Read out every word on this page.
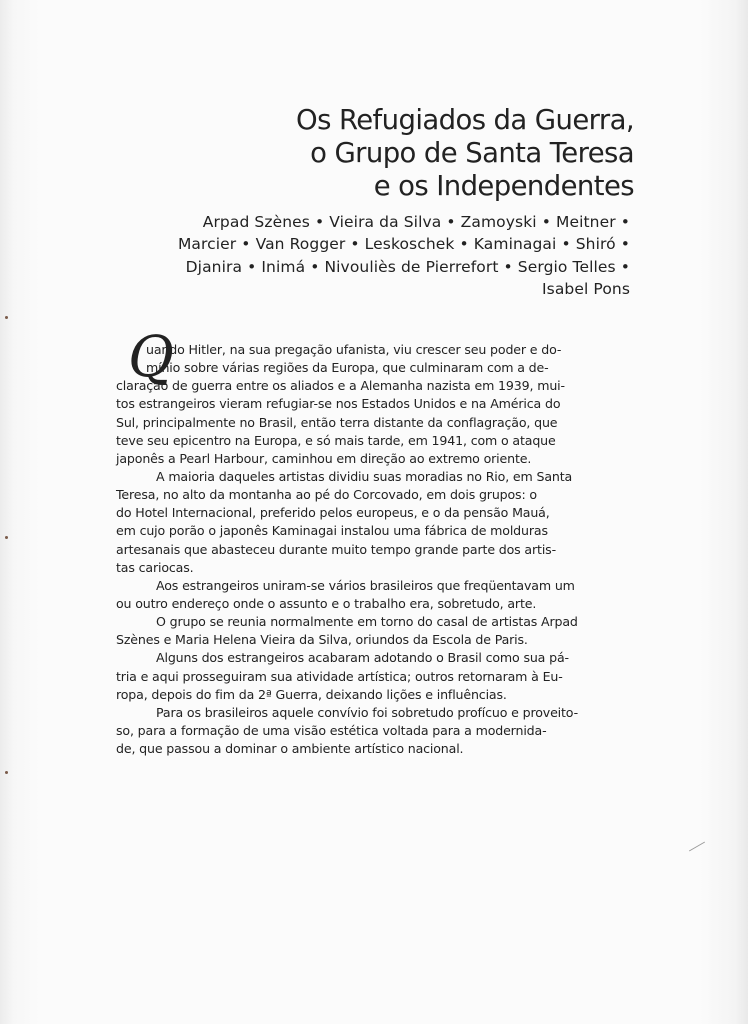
Os Refugiados da Guerra,
o Grupo de Santa Teresa
e os Independentes
Arpad Szènes • Vieira da Silva • Zamoyski • Meitner •
Marcier • Van Rogger • Leskoschek • Kaminagai • Shiró •
Djanira • Inimá • Nivouliès de Pierrefort • Sergio Telles •
Isabel Pons
Q
uando Hitler, na sua pregação ufanista, viu crescer seu poder e do-
mínio sobre várias regiões da Europa, que culminaram com a de-
claração de guerra entre os aliados e a Alemanha nazista em 1939, mui-
tos estrangeiros vieram refugiar-se nos Estados Unidos e na América do
Sul, principalmente no Brasil, então terra distante da conflagração, que
teve seu epicentro na Europa, e só mais tarde, em 1941, com o ataque
japonês a Pearl Harbour, caminhou em direção ao extremo oriente.
A maioria daqueles artistas dividiu suas moradias no Rio, em Santa
Teresa, no alto da montanha ao pé do Corcovado, em dois grupos: o
do Hotel Internacional, preferido pelos europeus, e o da pensão Mauá,
em cujo porão o japonês Kaminagai instalou uma fábrica de molduras
artesanais que abasteceu durante muito tempo grande parte dos artis-
tas cariocas.
Aos estrangeiros uniram-se vários brasileiros que freqüentavam um
ou outro endereço onde o assunto e o trabalho era, sobretudo, arte.
O grupo se reunia normalmente em torno do casal de artistas Arpad
Szènes e Maria Helena Vieira da Silva, oriundos da Escola de Paris.
Alguns dos estrangeiros acabaram adotando o Brasil como sua pá-
tria e aqui prosseguiram sua atividade artística; outros retornaram à Eu-
ropa, depois do fim da 2ª Guerra, deixando lições e influências.
Para os brasileiros aquele convívio foi sobretudo profícuo e proveito-
so, para a formação de uma visão estética voltada para a modernida-
de, que passou a dominar o ambiente artístico nacional.
